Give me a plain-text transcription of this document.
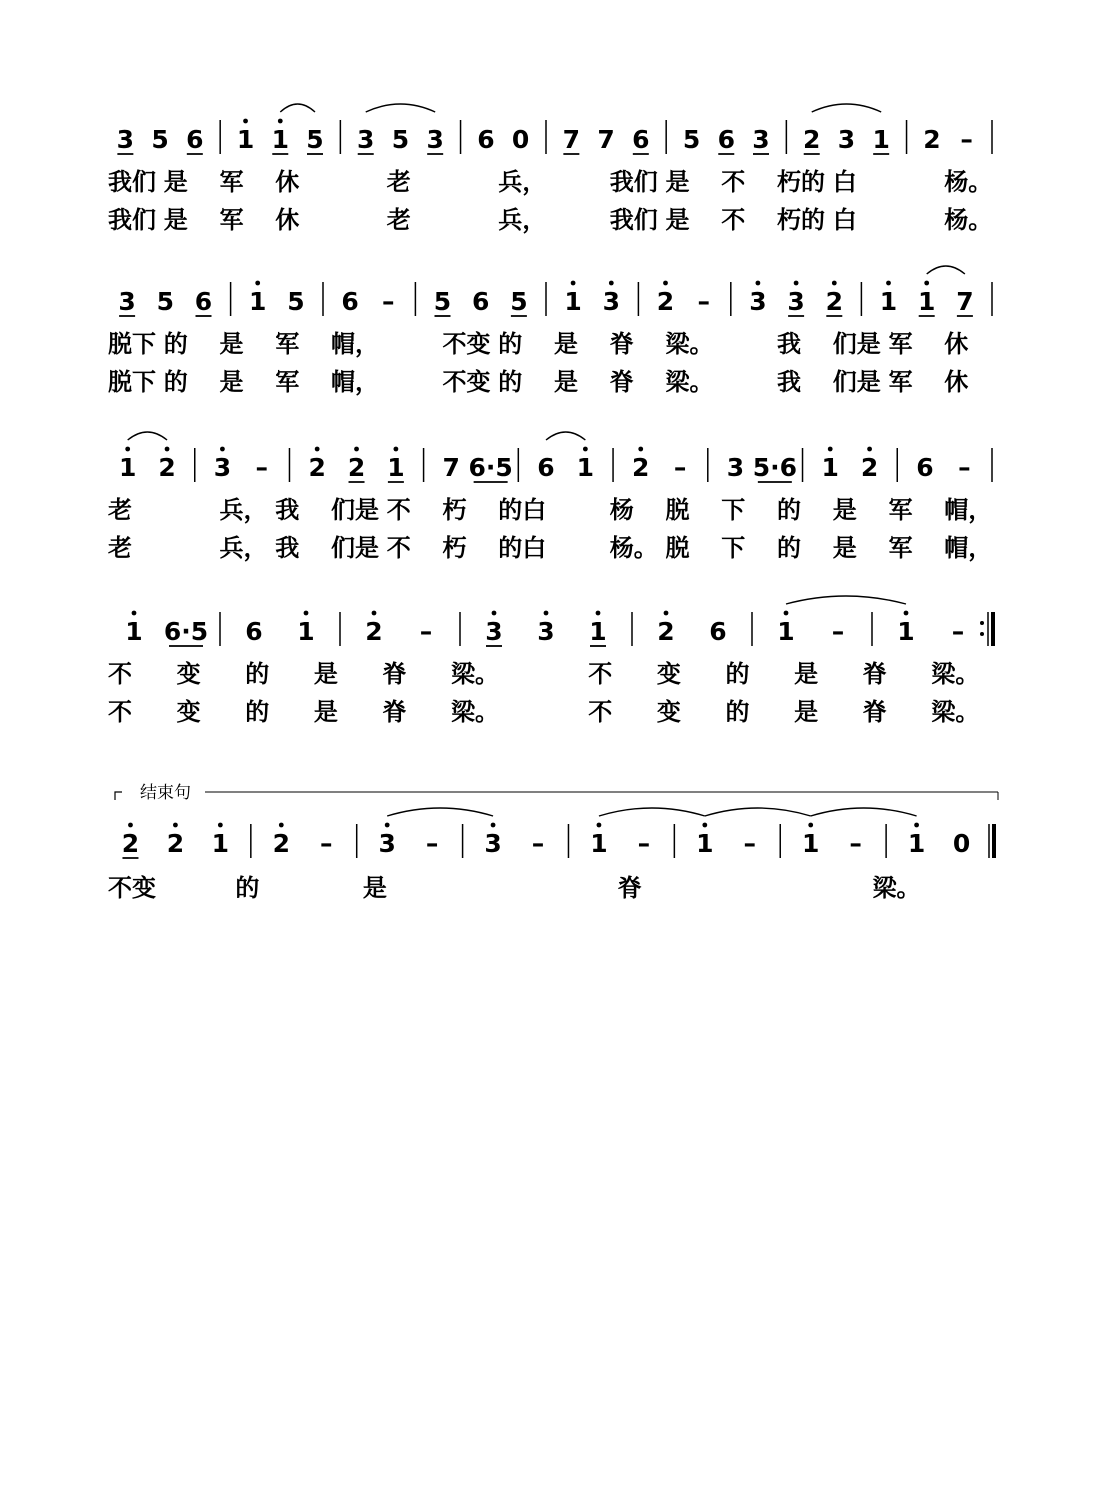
3 5 6 1 1 5 3 5 3 6 0 7 7 6 5 6 3 2 3 1 2 –
我们 是 军 休	老	兵，	我们 是 不 朽的 白	杨。
我们 是 军 休	老	兵，	我们 是 不 朽的 白	杨。
3 5 6 1 5 6 – 5 6 5 1 3 2 – 3 3 2 1 1 7
脱下 的 是 军 帽，	不变 的 是 脊 梁。	我 们是 军 休
脱下 的 是 军 帽，	不变 的 是 脊 梁。	我 们是 军 休
1 2 3 – 2 2 1 7 6·5 6 1 2 – 3 5·6 1 2 6 –
老	兵， 我 们是 不 朽 的白	杨 脱 下 的 是 军 帽，
老	兵， 我 们是 不 朽 的白	杨。 脱 下 的 是 军 帽，
1 6·5 6 1 2 – 3 3 1 2 6 1 – 1 –
不 变 的 是 脊 梁。	不 变 的 是 脊 梁。
不 变 的 是 脊 梁。	不 变 的 是 脊 梁。
2 2 1 2 – 3 – 3 – 1 – 1 – 1 – 1 0
不变	的	是	脊	梁。
结束句
